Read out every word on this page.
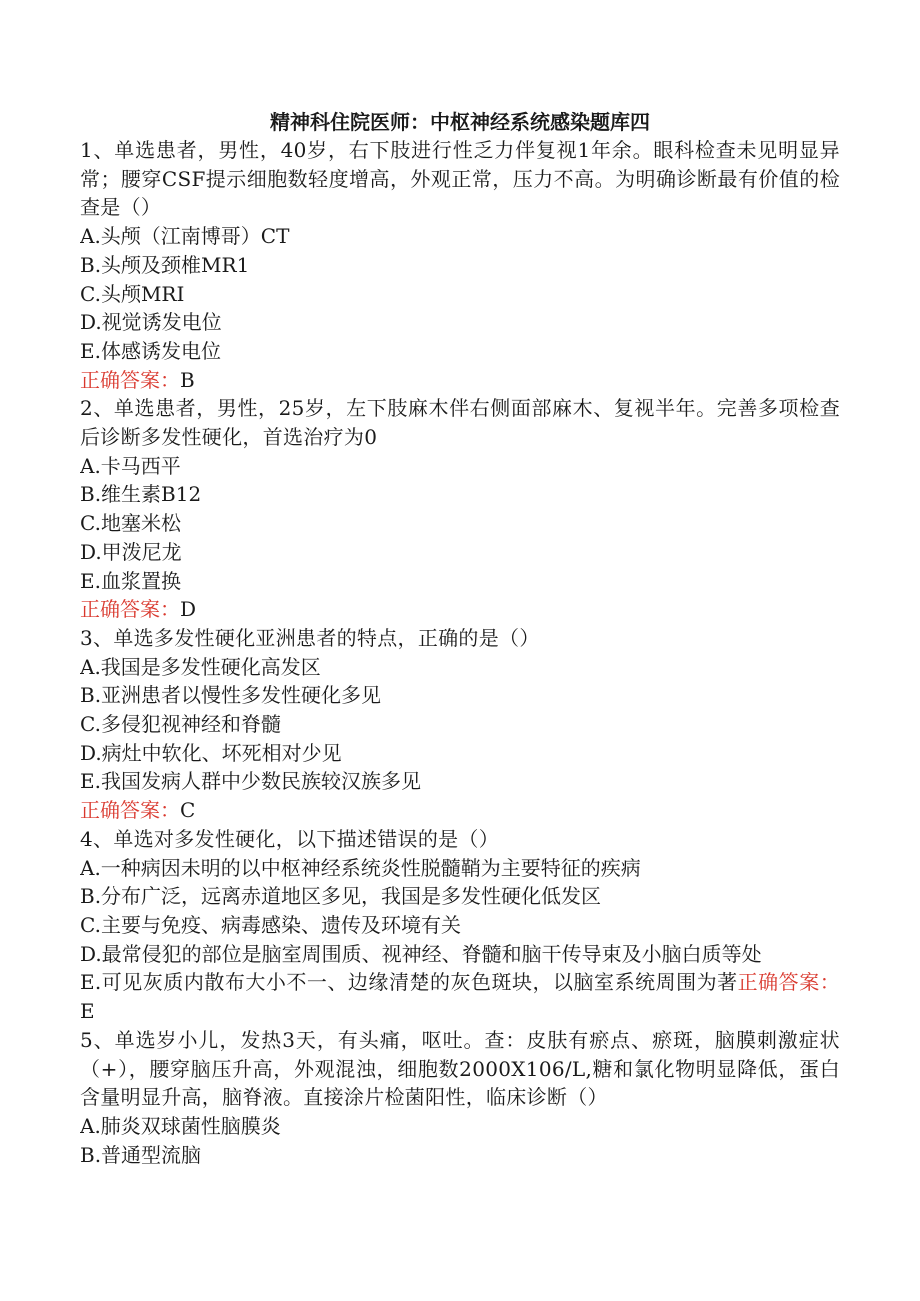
精神科住院医师：中枢神经系统感染题库四
1、单选患者，男性，40岁，右下肢进行性乏力伴复视1年余。眼科检查未见明显异常；腰穿CSF提示细胞数轻度增高，外观正常，压力不高。为明确诊断最有价值的检查是（）
A.头颅（江南博哥）CT
B.头颅及颈椎MR1
C.头颅MRI
D.视觉诱发电位
E.体感诱发电位
正确答案：B
2、单选患者，男性，25岁，左下肢麻木伴右侧面部麻木、复视半年。完善多项检查后诊断多发性硬化，首选治疗为0
A.卡马西平
B.维生素B12
C.地塞米松
D.甲泼尼龙
E.血浆置换
正确答案：D
3、单选多发性硬化亚洲患者的特点，正确的是（）
A.我国是多发性硬化高发区
B.亚洲患者以慢性多发性硬化多见
C.多侵犯视神经和脊髓
D.病灶中软化、坏死相对少见
E.我国发病人群中少数民族较汉族多见
正确答案：C
4、单选对多发性硬化，以下描述错误的是（）
A.一种病因未明的以中枢神经系统炎性脱髓鞘为主要特征的疾病
B.分布广泛，远离赤道地区多见，我国是多发性硬化低发区
C.主要与免疫、病毒感染、遗传及环境有关
D.最常侵犯的部位是脑室周围质、视神经、脊髓和脑干传导束及小脑白质等处
E.可见灰质内散布大小不一、边缘清楚的灰色斑块，以脑室系统周围为著正确答案：E
5、单选岁小儿，发热3天，有头痛，呕吐。查：皮肤有瘀点、瘀斑，脑膜刺激症状（+），腰穿脑压升高，外观混浊，细胞数2000X106/L,糖和氯化物明显降低，蛋白含量明显升高，脑脊液。直接涂片检菌阳性，临床诊断（）
A.肺炎双球菌性脑膜炎
B.普通型流脑
